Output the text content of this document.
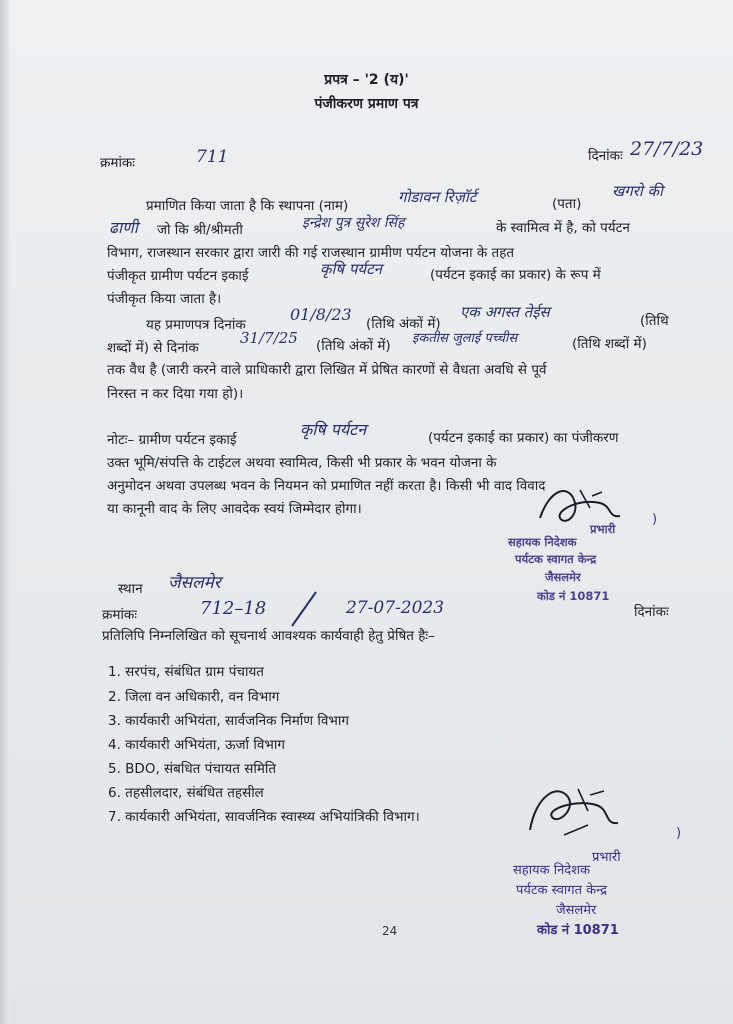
प्रपत्र – '2 (य)'
पंजीकरण प्रमाण पत्र
क्रमांकः	711	दिनांकः 27/7/23
प्रमाणित किया जाता है कि स्थापना (नाम)	गोडावन रिज़ॉर्ट	(पता)
खगरो की
ढाणी जो कि श्री/श्रीमती	इन्द्रेश पुत्र सुरेश सिंह	के स्वामित्व में है, को पर्यटन
विभाग, राजस्थान सरकार द्वारा जारी की गई राजस्थान ग्रामीण पर्यटन योजना के तहत
पंजीकृत ग्रामीण पर्यटन इकाई	कृषि पर्यटन	(पर्यटन इकाई का प्रकार) के रूप में
पंजीकृत किया जाता है।
यह प्रमाणपत्र दिनांक
01/8/23 (तिथि अंकों में)
एक अगस्त तेईस	(तिथि
शब्दों में) से दिनांक
31/7/25 (तिथि अंकों में) इकतीस जुलाई पच्चीस	(तिथि शब्दों में)
तक वैध है (जारी करने वाले प्राधिकारी द्वारा लिखित में प्रेषित कारणों से वैधता अवधि से पूर्व
निरस्त न कर दिया गया हो)।
नोटः– ग्रामीण पर्यटन इकाई
कृषि पर्यटन	(पर्यटन इकाई का प्रकार) का पंजीकरण
उक्त भूमि/संपत्ति के टाईटल अथवा स्वामित्व, किसी भी प्रकार के भवन योजना के
अनुमोदन अथवा उपलब्ध भवन के नियमन को प्रमाणित नहीं करता है। किसी भी वाद विवाद
या कानूनी वाद के लिए आवदेक स्वयं जिम्मेदार होगा।
)
सहायक निदेशक
प्रभारी
पर्यटक स्वागत केन्द्र
जैसलमेर
कोड नं 10871
स्थान जैसलमेर
क्रमांकः	712–18	27-07-2023	दिनांकः
प्रतिलिपि निम्नलिखित को सूचनार्थ आवश्यक कार्यवाही हेतु प्रेषित हैः–
1. सरपंच, संबंधित ग्राम पंचायत
2. जिला वन अधिकारी, वन विभाग
3. कार्यकारी अभियंता, सार्वजनिक निर्माण विभाग
4. कार्यकारी अभियंता, ऊर्जा विभाग
5. BDO, संबधित पंचायत समिति
6. तहसीलदार, संबंधित तहसील
7. कार्यकारी अभियंता, सावर्जनिक स्वास्थ्य अभियांत्रिकी विभाग।
)
सहायक निदेशक
प्रभारी
पर्यटक स्वागत केन्द्र
जैसलमेर
कोड नं 10871
24
